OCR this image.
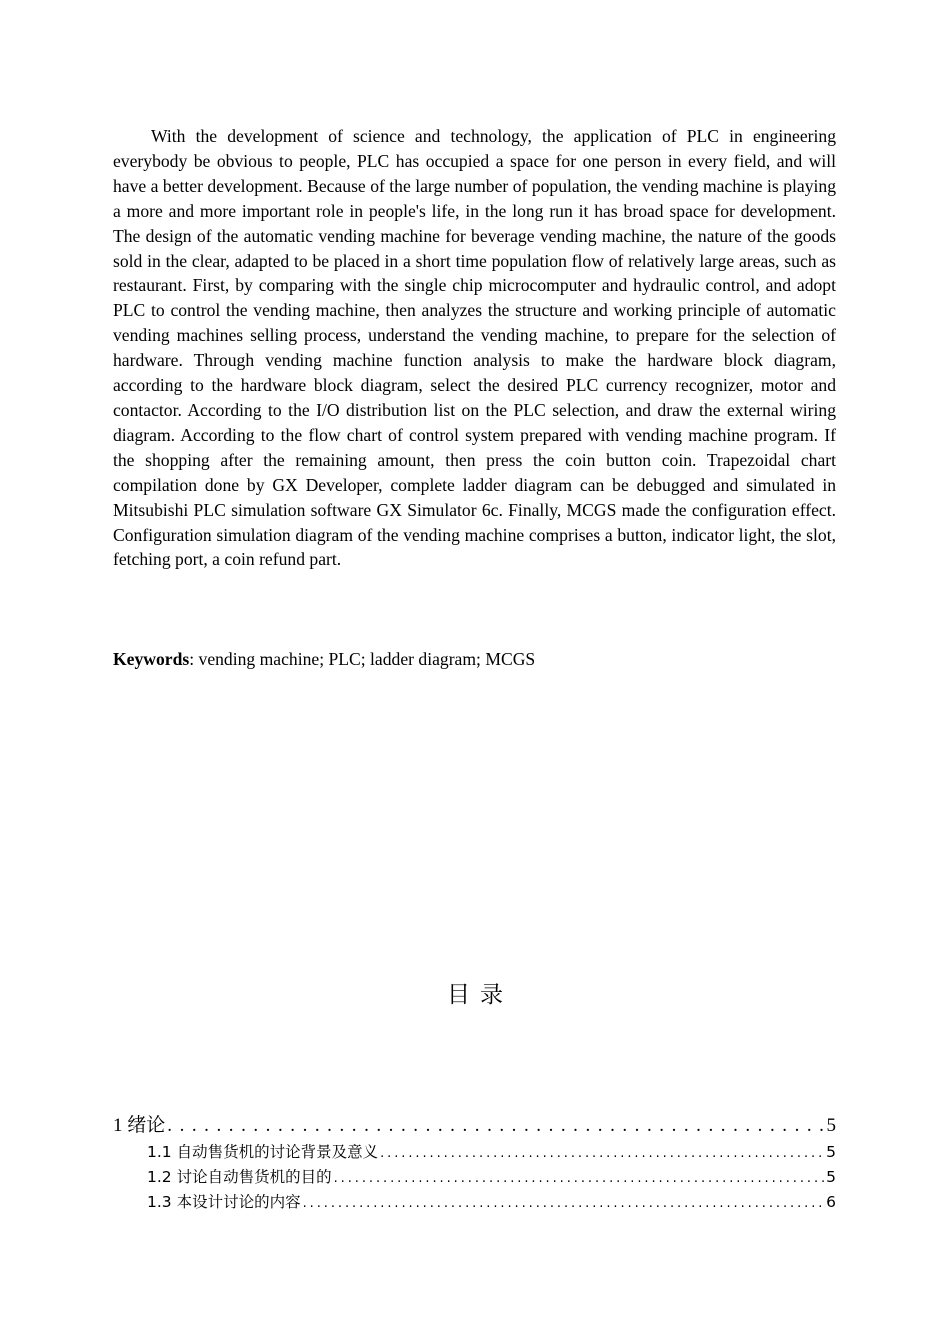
With the development of science and technology, the application of PLC in engineering everybody be obvious to people, PLC has occupied a space for one person in every field, and will have a better development. Because of the large number of population, the vending machine is playing a more and more important role in people's life, in the long run it has broad space for development. The design of the automatic vending machine for beverage vending machine, the nature of the goods sold in the clear, adapted to be placed in a short time population flow of relatively large areas, such as restaurant. First, by comparing with the single chip microcomputer and hydraulic control, and adopt PLC to control the vending machine, then analyzes the structure and working principle of automatic vending machines selling process, understand the vending machine, to prepare for the selection of hardware. Through vending machine function analysis to make the hardware block diagram, according to the hardware block diagram, select the desired PLC currency recognizer, motor and contactor. According to the I/O distribution list on the PLC selection, and draw the external wiring diagram. According to the flow chart of control system prepared with vending machine program. If the shopping after the remaining amount, then press the coin button coin. Trapezoidal chart compilation done by GX Developer, complete ladder diagram can be debugged and simulated in Mitsubishi PLC simulation software GX Simulator 6c. Finally, MCGS made the configuration effect. Configuration simulation diagram of the vending machine comprises a button, indicator light, the slot, fetching port, a coin refund part.

Keywords: vending machine; PLC; ladder diagram; MCGS

目录
1 绪论 . . .	5
1.1 自动售货机的讨论背景及意义 . . .	5
1.2 讨论自动售货机的目的 . . .	5
1.3 本设计讨论的内容 . . .	6
